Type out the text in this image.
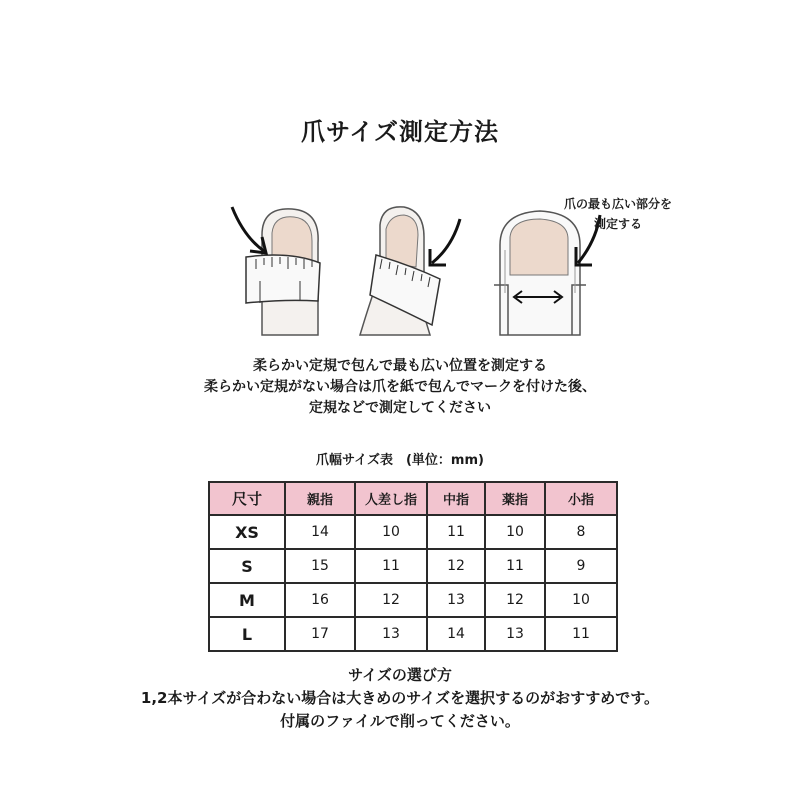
爪サイズ測定方法
爪の最も広い部分を
測定する
柔らかい定規で包んで最も広い位置を測定する
柔らかい定規がない場合は爪を紙で包んでマークを付けた後、
定規などで測定してください
爪幅サイズ表　(単位：mm)
尺寸	親指	人差し指	中指	薬指	小指
XS	14	10	11	10	8
S	15	11	12	11	9
M	16	12	13	12	10
L	17	13	14	13	11
サイズの選び方
1,2本サイズが合わない場合は大きめのサイズを選択するのがおすすめです。
付属のファイルで削ってください。
